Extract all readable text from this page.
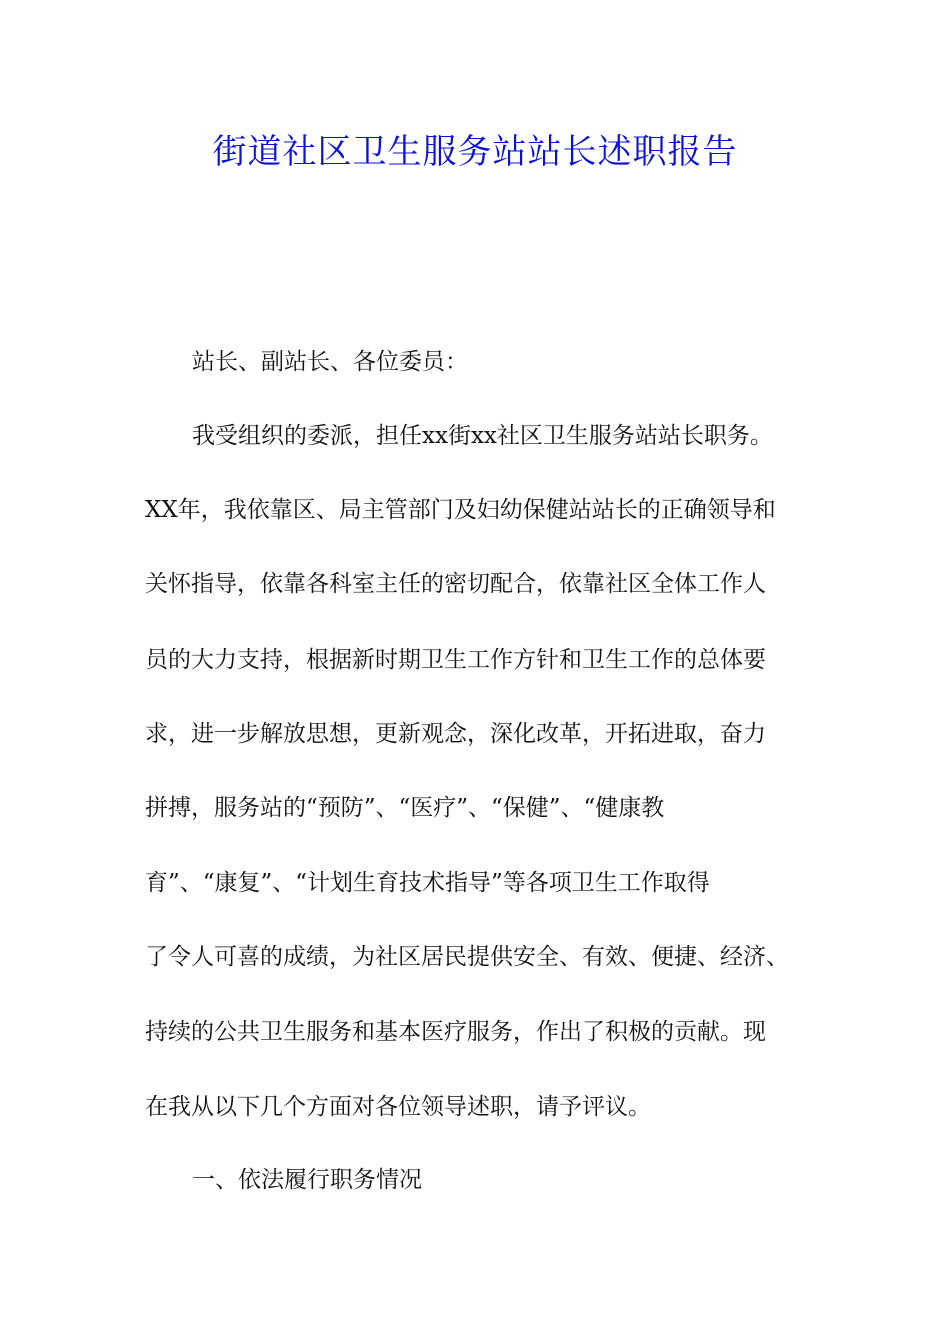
街道社区卫生服务站站长述职报告

站长、副站长、各位委员：

我受组织的委派，担任xx街xx社区卫生服务站站长职务。

XX年，我依靠区、局主管部门及妇幼保健站站长的正确领导和

关怀指导，依靠各科室主任的密切配合，依靠社区全体工作人

员的大力支持，根据新时期卫生工作方针和卫生工作的总体要

求，进一步解放思想，更新观念，深化改革，开拓进取，奋力

拼搏，服务站的“预防”、“医疗”、“保健”、“健康教

育”、“康复”、“计划生育技术指导”等各项卫生工作取得

了令人可喜的成绩，为社区居民提供安全、有效、便捷、经济、

持续的公共卫生服务和基本医疗服务，作出了积极的贡献。现

在我从以下几个方面对各位领导述职，请予评议。

一、依法履行职务情况
